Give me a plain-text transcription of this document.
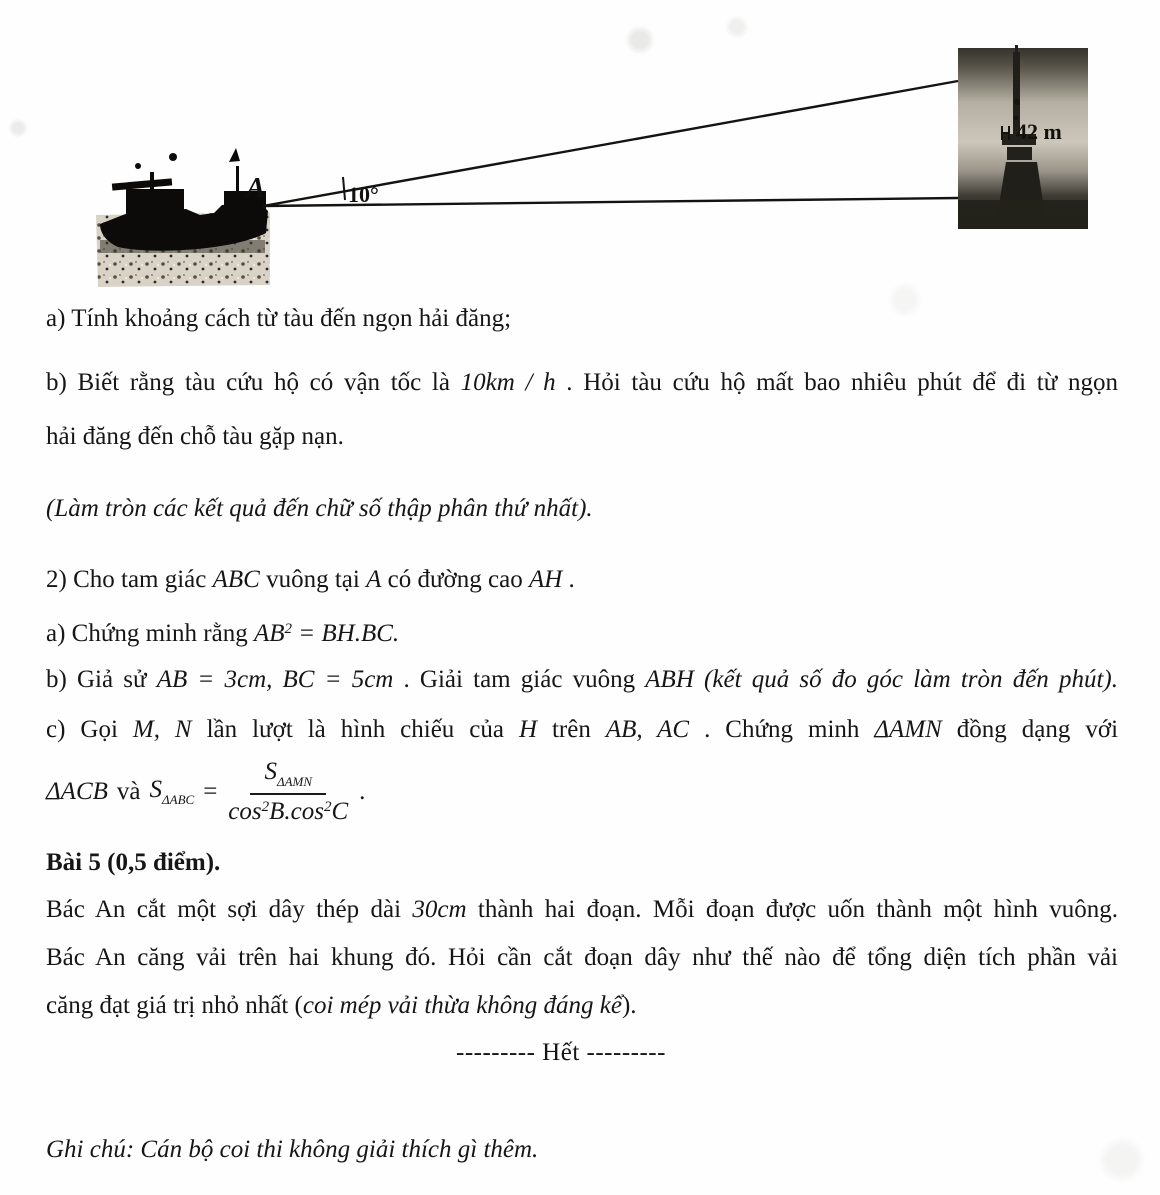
42 m
A	10°
a) Tính khoảng cách từ tàu đến ngọn hải đăng;
b) Biết rằng tàu cứu hộ có vận tốc là 10km / h . Hỏi tàu cứu hộ mất bao nhiêu phút để đi từ ngọn
hải đăng đến chỗ tàu gặp nạn.
(Làm tròn các kết quả đến chữ số thập phân thứ nhất).
2) Cho tam giác ABC vuông tại A có đường cao AH .
a) Chứng minh rằng $AB^2 = BH.BC$.
b) Giả sử AB = 3cm, BC = 5cm . Giải tam giác vuông ABH (kết quả số đo góc làm tròn đến phút).
c) Gọi M, N lần lượt là hình chiếu của H trên AB, AC . Chứng minh ΔAMN đồng dạng với
ΔACB và $S_{\Delta ABC} = \frac{S_{\Delta AMN}}{\cos^2B.\cos^2C}$ .
Bài 5 (0,5 điểm).
Bác An cắt một sợi dây thép dài 30cm thành hai đoạn. Mỗi đoạn được uốn thành một hình vuông.
Bác An căng vải trên hai khung đó. Hỏi cần cắt đoạn dây như thế nào để tổng diện tích phần vải
căng đạt giá trị nhỏ nhất (coi mép vải thừa không đáng kể).
--------- Hết ---------
Ghi chú: Cán bộ coi thi không giải thích gì thêm.
